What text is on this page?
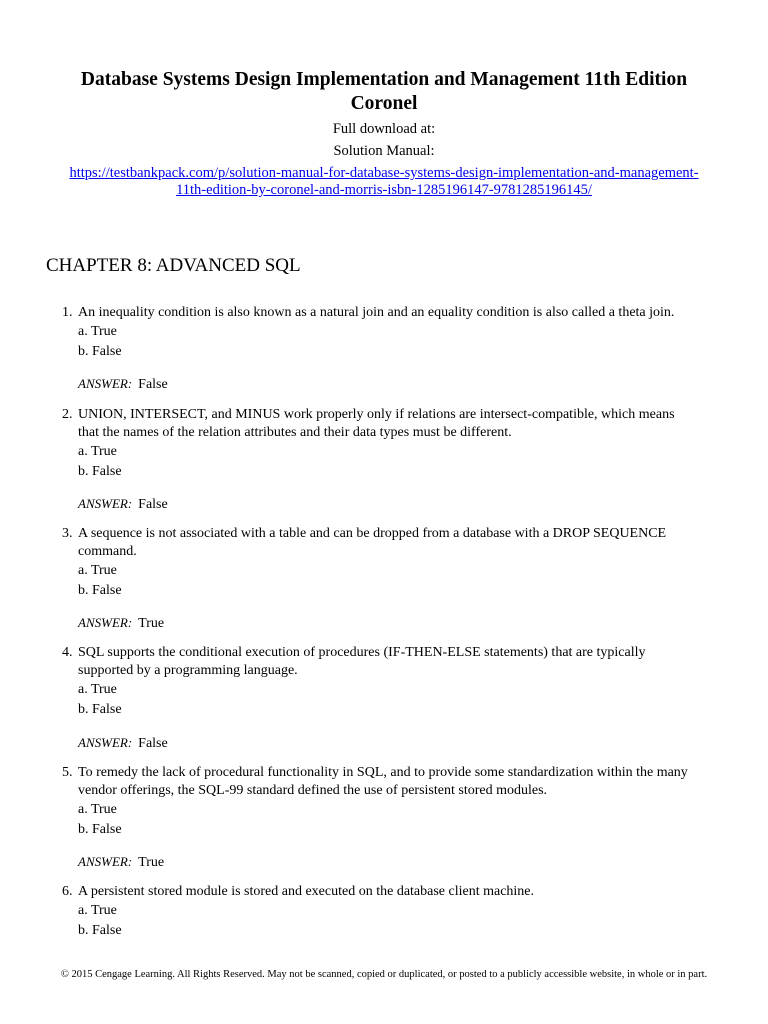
Database Systems Design Implementation and Management 11th Edition
Coronel
Full download at:
Solution Manual:
https://testbankpack.com/p/solution-manual-for-database-systems-design-implementation-and-management-
11th-edition-by-coronel-and-morris-isbn-1285196147-9781285196145/
CHAPTER 8: ADVANCED SQL
1. An inequality condition is also known as a natural join and an equality condition is also called a theta join.
a. True
b. False
ANSWER: False
2. UNION, INTERSECT, and MINUS work properly only if relations are intersect-compatible, which means
that the names of the relation attributes and their data types must be different.
a. True
b. False
ANSWER: False
3. A sequence is not associated with a table and can be dropped from a database with a DROP SEQUENCE
command.
a. True
b. False
ANSWER: True
4. SQL supports the conditional execution of procedures (IF-THEN-ELSE statements) that are typically
supported by a programming language.
a. True
b. False
ANSWER: False
5. To remedy the lack of procedural functionality in SQL, and to provide some standardization within the many
vendor offerings, the SQL-99 standard defined the use of persistent stored modules.
a. True
b. False
ANSWER: True
6. A persistent stored module is stored and executed on the database client machine.
a. True
b. False
© 2015 Cengage Learning. All Rights Reserved. May not be scanned, copied or duplicated, or posted to a publicly accessible website, in whole or in part.
